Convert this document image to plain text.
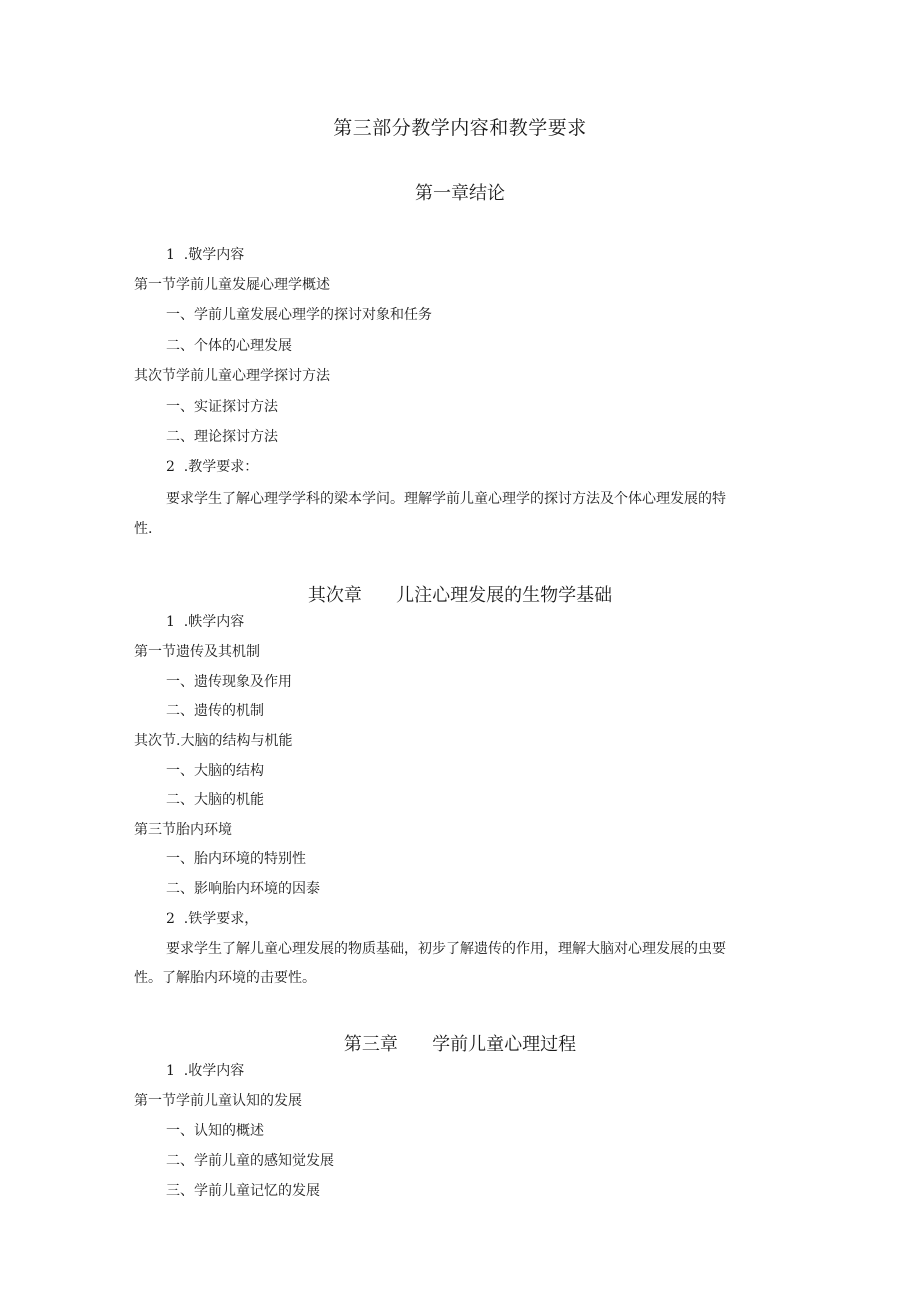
第三部分教学内容和教学要求
第一章结论

1  .敬学内容

第一节学前儿童发屣心理学概述

一、学前儿童发展心理学的探讨对象和任务

二、个体的心理发展

其次节学前儿童心理学探讨方法

一、实证探讨方法

二、理论探讨方法

2  .教学要求：

要求学生了解心理学学科的梁本学问。理解学前儿童心理学的探讨方法及个体心理发展的特

性.

其次章      儿注心理发展的生物学基础

1  .帙学内容

第一节遗传及其机制

一、遗传现象及作用

二、遗传的机制

其次节.大脑的结构与机能

一、大脑的结构

二、大脑的机能

第三节胎内环境

一、胎内环境的特别性

二、影响胎内环境的因泰

2  .铁学要求，

要求学生了解儿童心理发展的物质基础，初步了解遗传的作用，理解大脑对心理发展的虫要

性。了解胎内环境的击要性。

第三章      学前儿童心理过程

1  .收学内容

第一节学前儿童认知的发展

一、认知的概述

二、学前儿童的感知觉发展

三、学前儿童记忆的发展
